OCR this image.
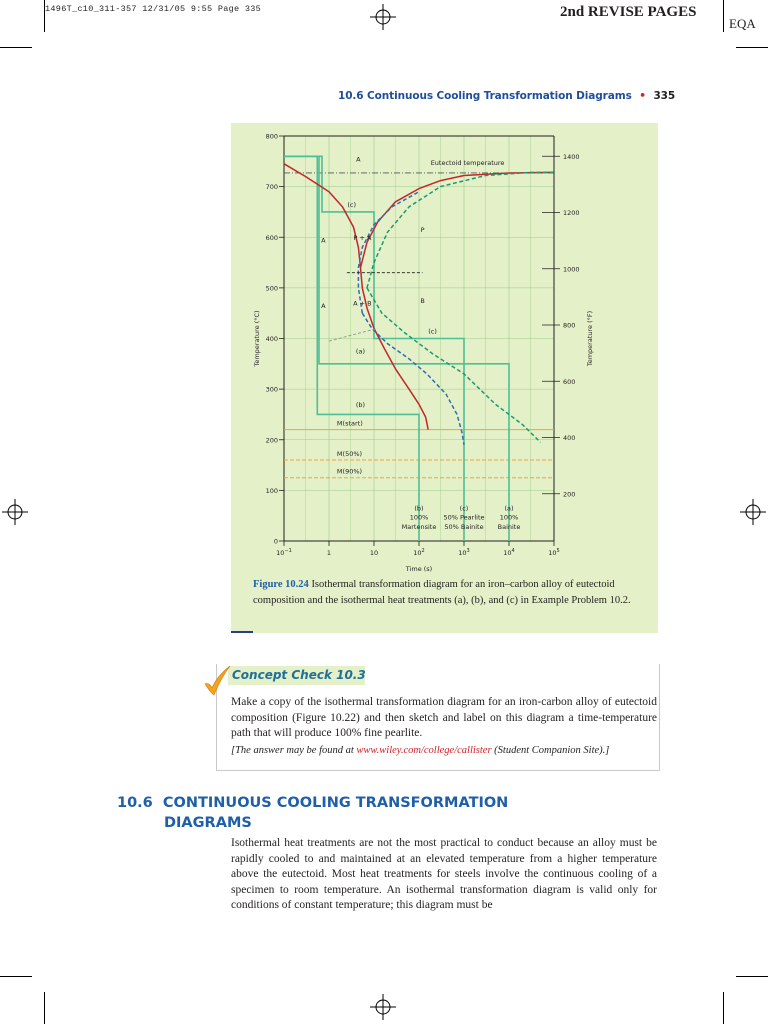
1496T_c10_311-357 12/31/05 9:55 Page 335	2nd REVISE PAGES
EQA
10.6 Continuous Cooling Transformation Diagrams • 335
0
100
200
300
400
500
600
700
800
200
400
600
800
1000
1200
1400
$10^{-1}$	1	10	$10^2$	$10^3$	$10^4$	$10^5$
Time (s)
Temperature (°C)	Temperature (°F)
Eutectoid temperature
M(start)
M(50%)
M(90%)
A
(c)
P
A	P + A
B
A	A + B
(c)
(a)
(b)
(b)
100%
Martensite
(c)
50% Pearlite
50% Bainite
(a)
100%
Bainite
Figure 10.24 Isothermal transformation diagram for an iron–carbon alloy of eutectoid composition and the isothermal heat treatments (a), (b), and (c) in Example Problem 10.2.
Concept Check 10.3
Make a copy of the isothermal transformation diagram for an iron-carbon alloy of eutectoid composition (Figure 10.22) and then sketch and label on this diagram a time-temperature path that will produce 100% fine pearlite.
[The answer may be found at www.wiley.com/college/callister (Student Companion Site).]
10.6 CONTINUOUS COOLING TRANSFORMATION
DIAGRAMS
Isothermal heat treatments are not the most practical to conduct because an alloy must be rapidly cooled to and maintained at an elevated temperature from a higher temperature above the eutectoid. Most heat treatments for steels involve the continuous cooling of a specimen to room temperature. An isothermal transformation diagram is valid only for conditions of constant temperature; this diagram must be
